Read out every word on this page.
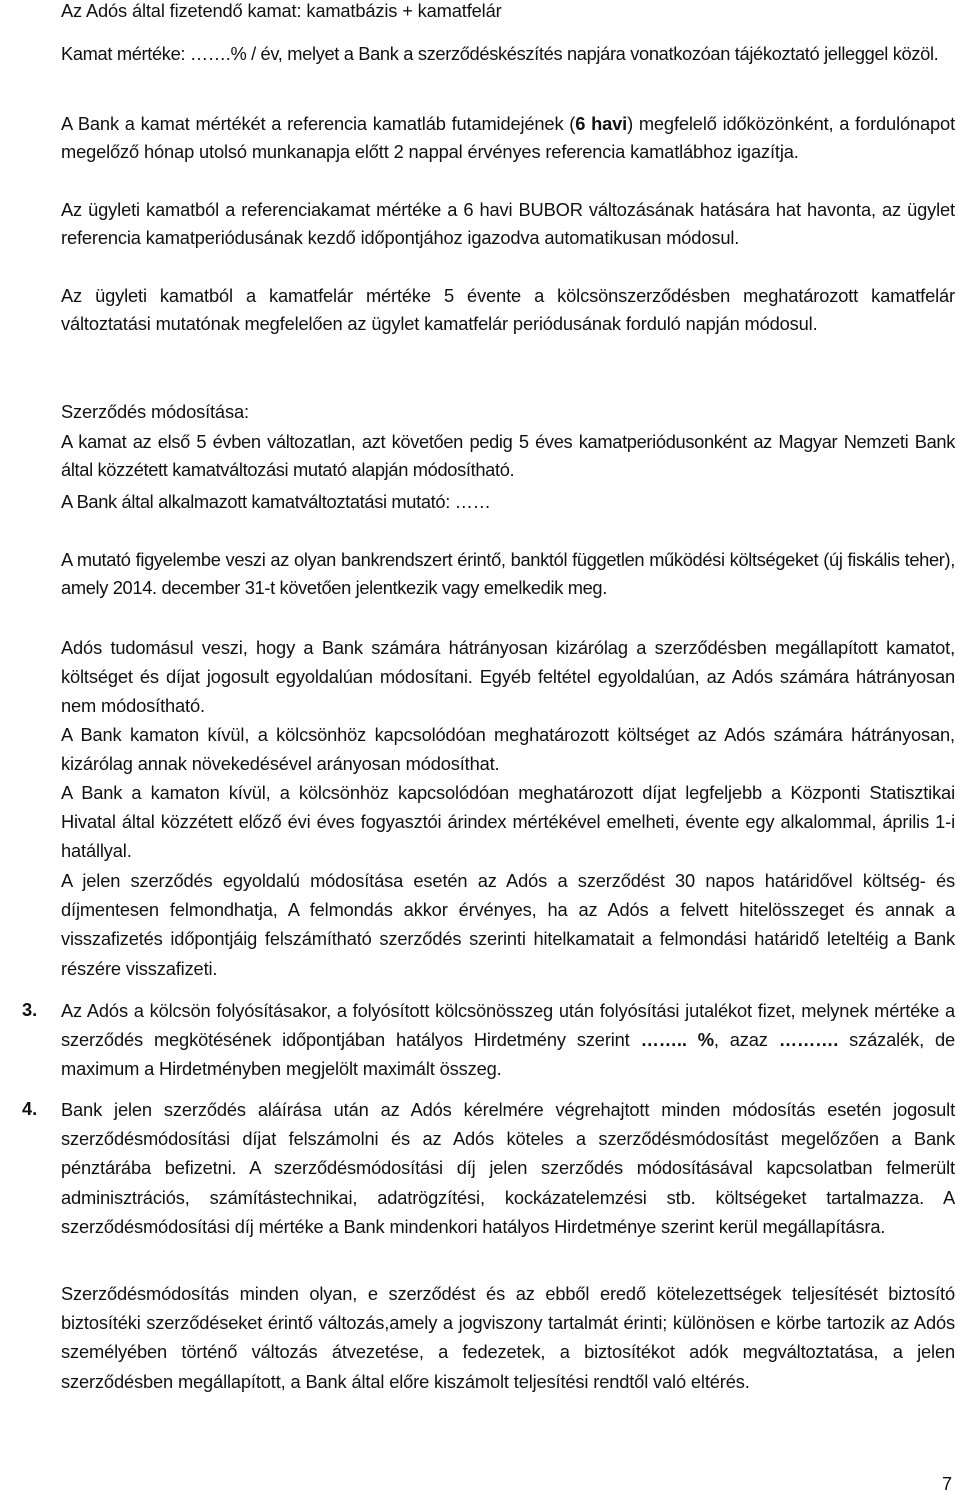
Az Adós által fizetendő kamat: kamatbázis + kamatfelár
Kamat mértéke: …….% / év, melyet a Bank a szerződéskészítés napjára vonatkozóan tájékoztató jelleggel közöl.
A Bank a kamat mértékét a referencia kamatláb futamidejének (6 havi) megfelelő időközönként, a fordulónapot megelőző hónap utolsó munkanapja előtt 2 nappal érvényes referencia kamatlábhoz igazítja.
Az ügyleti kamatból a referenciakamat mértéke a 6 havi BUBOR változásának hatására hat havonta, az ügylet referencia kamatperiódusának kezdő időpontjához igazodva automatikusan módosul.
Az ügyleti kamatból a kamatfelár mértéke 5 évente a kölcsönszerződésben meghatározott kamatfelár változtatási mutatónak megfelelően az ügylet kamatfelár periódusának forduló napján módosul.
Szerződés módosítása:
A kamat az első 5 évben változatlan, azt követően pedig 5 éves kamatperiódusonként az Magyar Nemzeti Bank által közzétett kamatváltozási mutató alapján módosítható.
A Bank által alkalmazott kamatváltoztatási mutató: ……
A mutató figyelembe veszi az olyan bankrendszert érintő, banktól független működési költségeket (új fiskális teher), amely 2014. december 31-t követően jelentkezik vagy emelkedik meg.
Adós tudomásul veszi, hogy a Bank számára hátrányosan kizárólag a szerződésben megállapított kamatot, költséget és díjat jogosult egyoldalúan módosítani. Egyéb feltétel egyoldalúan, az Adós számára hátrányosan nem módosítható.
A Bank kamaton kívül, a kölcsönhöz kapcsolódóan meghatározott költséget az Adós számára hátrányosan, kizárólag annak növekedésével arányosan módosíthat.
A Bank a kamaton kívül, a kölcsönhöz kapcsolódóan meghatározott díjat legfeljebb a Központi Statisztikai Hivatal által közzétett előző évi éves fogyasztói árindex mértékével emelheti, évente egy alkalommal, április 1-i hatállyal.
A jelen szerződés egyoldalú módosítása esetén az Adós a szerződést 30 napos határidővel költség- és díjmentesen felmondhatja, A felmondás akkor érvényes, ha az Adós a felvett hitelösszeget és annak a visszafizetés időpontjáig felszámítható szerződés szerinti hitelkamatait a felmondási határidő leteltéig a Bank részére visszafizeti.
3. Az Adós a kölcsön folyósításakor, a folyósított kölcsönösszeg után folyósítási jutalékot fizet, melynek mértéke a szerződés megkötésének időpontjában hatályos Hirdetmény szerint …….. %, azaz ………. százalék, de maximum a Hirdetményben megjelölt maximált összeg.
4. Bank jelen szerződés aláírása után az Adós kérelmére végrehajtott minden módosítás esetén jogosult szerződésmódosítási díjat felszámolni és az Adós köteles a szerződésmódosítást megelőzően a Bank pénztárába befizetni. A szerződésmódosítási díj jelen szerződés módosításával kapcsolatban felmerült adminisztrációs, számítástechnikai, adatrögzítési, kockázatelemzési stb. költségeket tartalmazza. A szerződésmódosítási díj mértéke a Bank mindenkori hatályos Hirdetménye szerint kerül megállapításra.
Szerződésmódosítás minden olyan, e szerződést és az ebből eredő kötelezettségek teljesítését biztosító biztosítéki szerződéseket érintő változás,amely a jogviszony tartalmát érinti; különösen e körbe tartozik az Adós személyében történő változás átvezetése, a fedezetek, a biztosítékot adók megváltoztatása, a jelen szerződésben megállapított, a Bank által előre kiszámolt teljesítési rendtől való eltérés.
7
